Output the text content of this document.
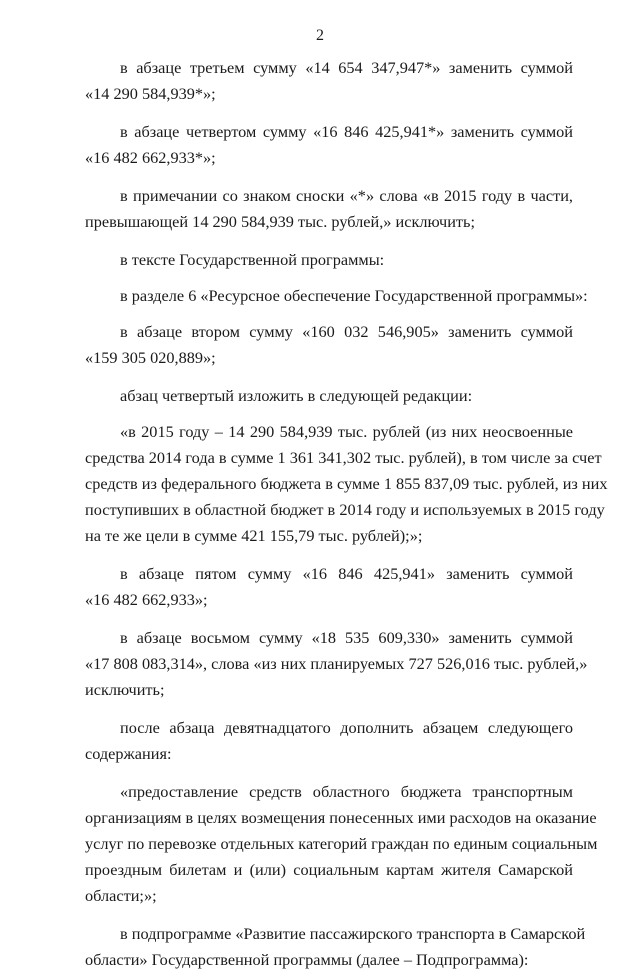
2

в абзаце третьем сумму «14 654 347,947*» заменить суммой
«14 290 584,939*»;

в абзаце четвертом сумму «16 846 425,941*» заменить суммой
«16 482 662,933*»;

в примечании со знаком сноски «*» слова «в 2015 году в части,
превышающей 14 290 584,939 тыс. рублей,» исключить;

в тексте Государственной программы:

в разделе 6 «Ресурсное обеспечение Государственной программы»:

в абзаце втором сумму «160 032 546,905» заменить суммой
«159 305 020,889»;

абзац четвертый изложить в следующей редакции:

«в 2015 году – 14 290 584,939 тыс. рублей (из них неосвоенные
средства 2014 года в сумме 1 361 341,302 тыс. рублей), в том числе за счет
средств из федерального бюджета в сумме 1 855 837,09 тыс. рублей, из них
поступивших в областной бюджет в 2014 году и используемых в 2015 году
на те же цели в сумме 421 155,79 тыс. рублей);»;

в абзаце пятом сумму «16 846 425,941» заменить суммой
«16 482 662,933»;

в абзаце восьмом сумму «18 535 609,330» заменить суммой
«17 808 083,314», слова «из них планируемых 727 526,016 тыс. рублей,»
исключить;

после абзаца девятнадцатого дополнить абзацем следующего
содержания:

«предоставление средств областного бюджета транспортным
организациям в целях возмещения понесенных ими расходов на оказание
услуг по перевозке отдельных категорий граждан по единым социальным
проездным билетам и (или) социальным картам жителя Самарской
области;»;

в подпрограмме «Развитие пассажирского транспорта в Самарской
области» Государственной программы (далее – Подпрограмма):
